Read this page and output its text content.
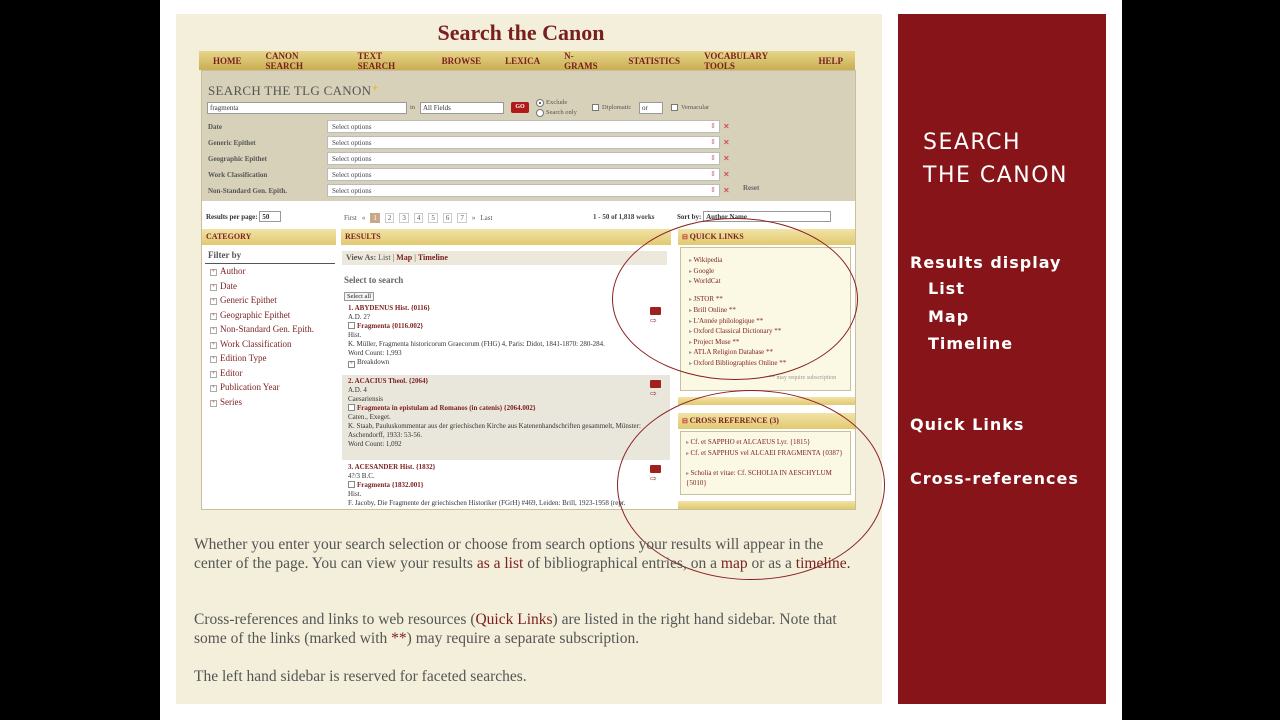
Search the Canon
HOME	CANON SEARCH
TEXT SEARCH	BROWSE	LEXICA	N-GRAMS	STATISTICS	VOCABULARY TOOLS	HELP
SEARCH THE TLG CANON✦
fragmenta	in	All Fields	GO
Exclude
Search only
Diplomatic	or	Vernacular
Date	Select options ⇕	✕
Generic Epithet	Select options ⇕	✕
Geographic Epithet	Select options ⇕	✕
Work Classification	Select options ⇕	✕
Non-Standard Gen. Epith.	Select options ⇕	✕ Reset
Results per page: 50	First «	1	2	3	4	5	6	7	» Last	1 - 50 of 1,818 works	Sort by: Author Name
CATEGORY	RESULTS	⊟ QUICK LINKS
Filter by
+ Author
+ Date
+ Generic Epithet
+ Geographic Epithet
+ Non-Standard Gen. Epith.
+ Work Classification
+ Edition Type
+ Editor
+ Publication Year
+ Series
View As: List | Map | Timeline
Select to search
Select all
1. ABYDENUS Hist. {0116}
A.D. 2?
Fragmenta {0116.002}
Hist.
K. Müller, Fragmenta historicorum Graecorum (FHG) 4, Paris: Didot, 1841-1870: 280-284.
Word Count: 1,993
+ Breakdown
⇨
2. ACACIUS Theol. {2064}
A.D. 4
Caesariensis
Fragmenta in epistulam ad Romanos (in catenis) {2064.002}
Caten., Exeget.
K. Staab, Pauluskommentar aus der griechischen Kirche aus Katenenhandschriften gesammelt, Münster: Aschendorff, 1933: 53-56.
Word Count: 1,092
⇨
3. ACESANDER Hist. {1832}
4?/3 B.C.
Fragmenta {1832.001}
Hist.
F. Jacoby, Die Fragmente der griechischen Historiker (FGrH) #469, Leiden: Brill, 1923-1958 (repr.
⇨
▸ Wikipedia
▸ Google
▸ WorldCat
▸ JSTOR **
▸ Brill Online **
▸ L'Année philologique **
▸ Oxford Classical Dictionary **
▸ Project Muse **
▸ ATLA Religion Database **
▸ Oxford Bibliographies Online **
** may require subscription
⊟ CROSS REFERENCE (3)
▸ Cf. et SAPPHO et ALCAEUS Lyr. {1815}
▸ Cf. et SAPPHUS vel ALCAEI FRAGMENTA {0387}
▸ Scholia et vitae: Cf. SCHOLIA IN AESCHYLUM {5010}
Whether you enter your search selection or choose from search options your results will appear in the center of the page. You can view your results as a list of bibliographical entries, on a map or as a timeline.
Cross-references and links to web resources (Quick Links) are listed in the right hand sidebar. Note that some of the links (marked with **) may require a separate subscription.
The left hand sidebar is reserved for faceted searches.
SEARCH
THE CANON
Results display
List
Map
Timeline
Quick Links
Cross-references
